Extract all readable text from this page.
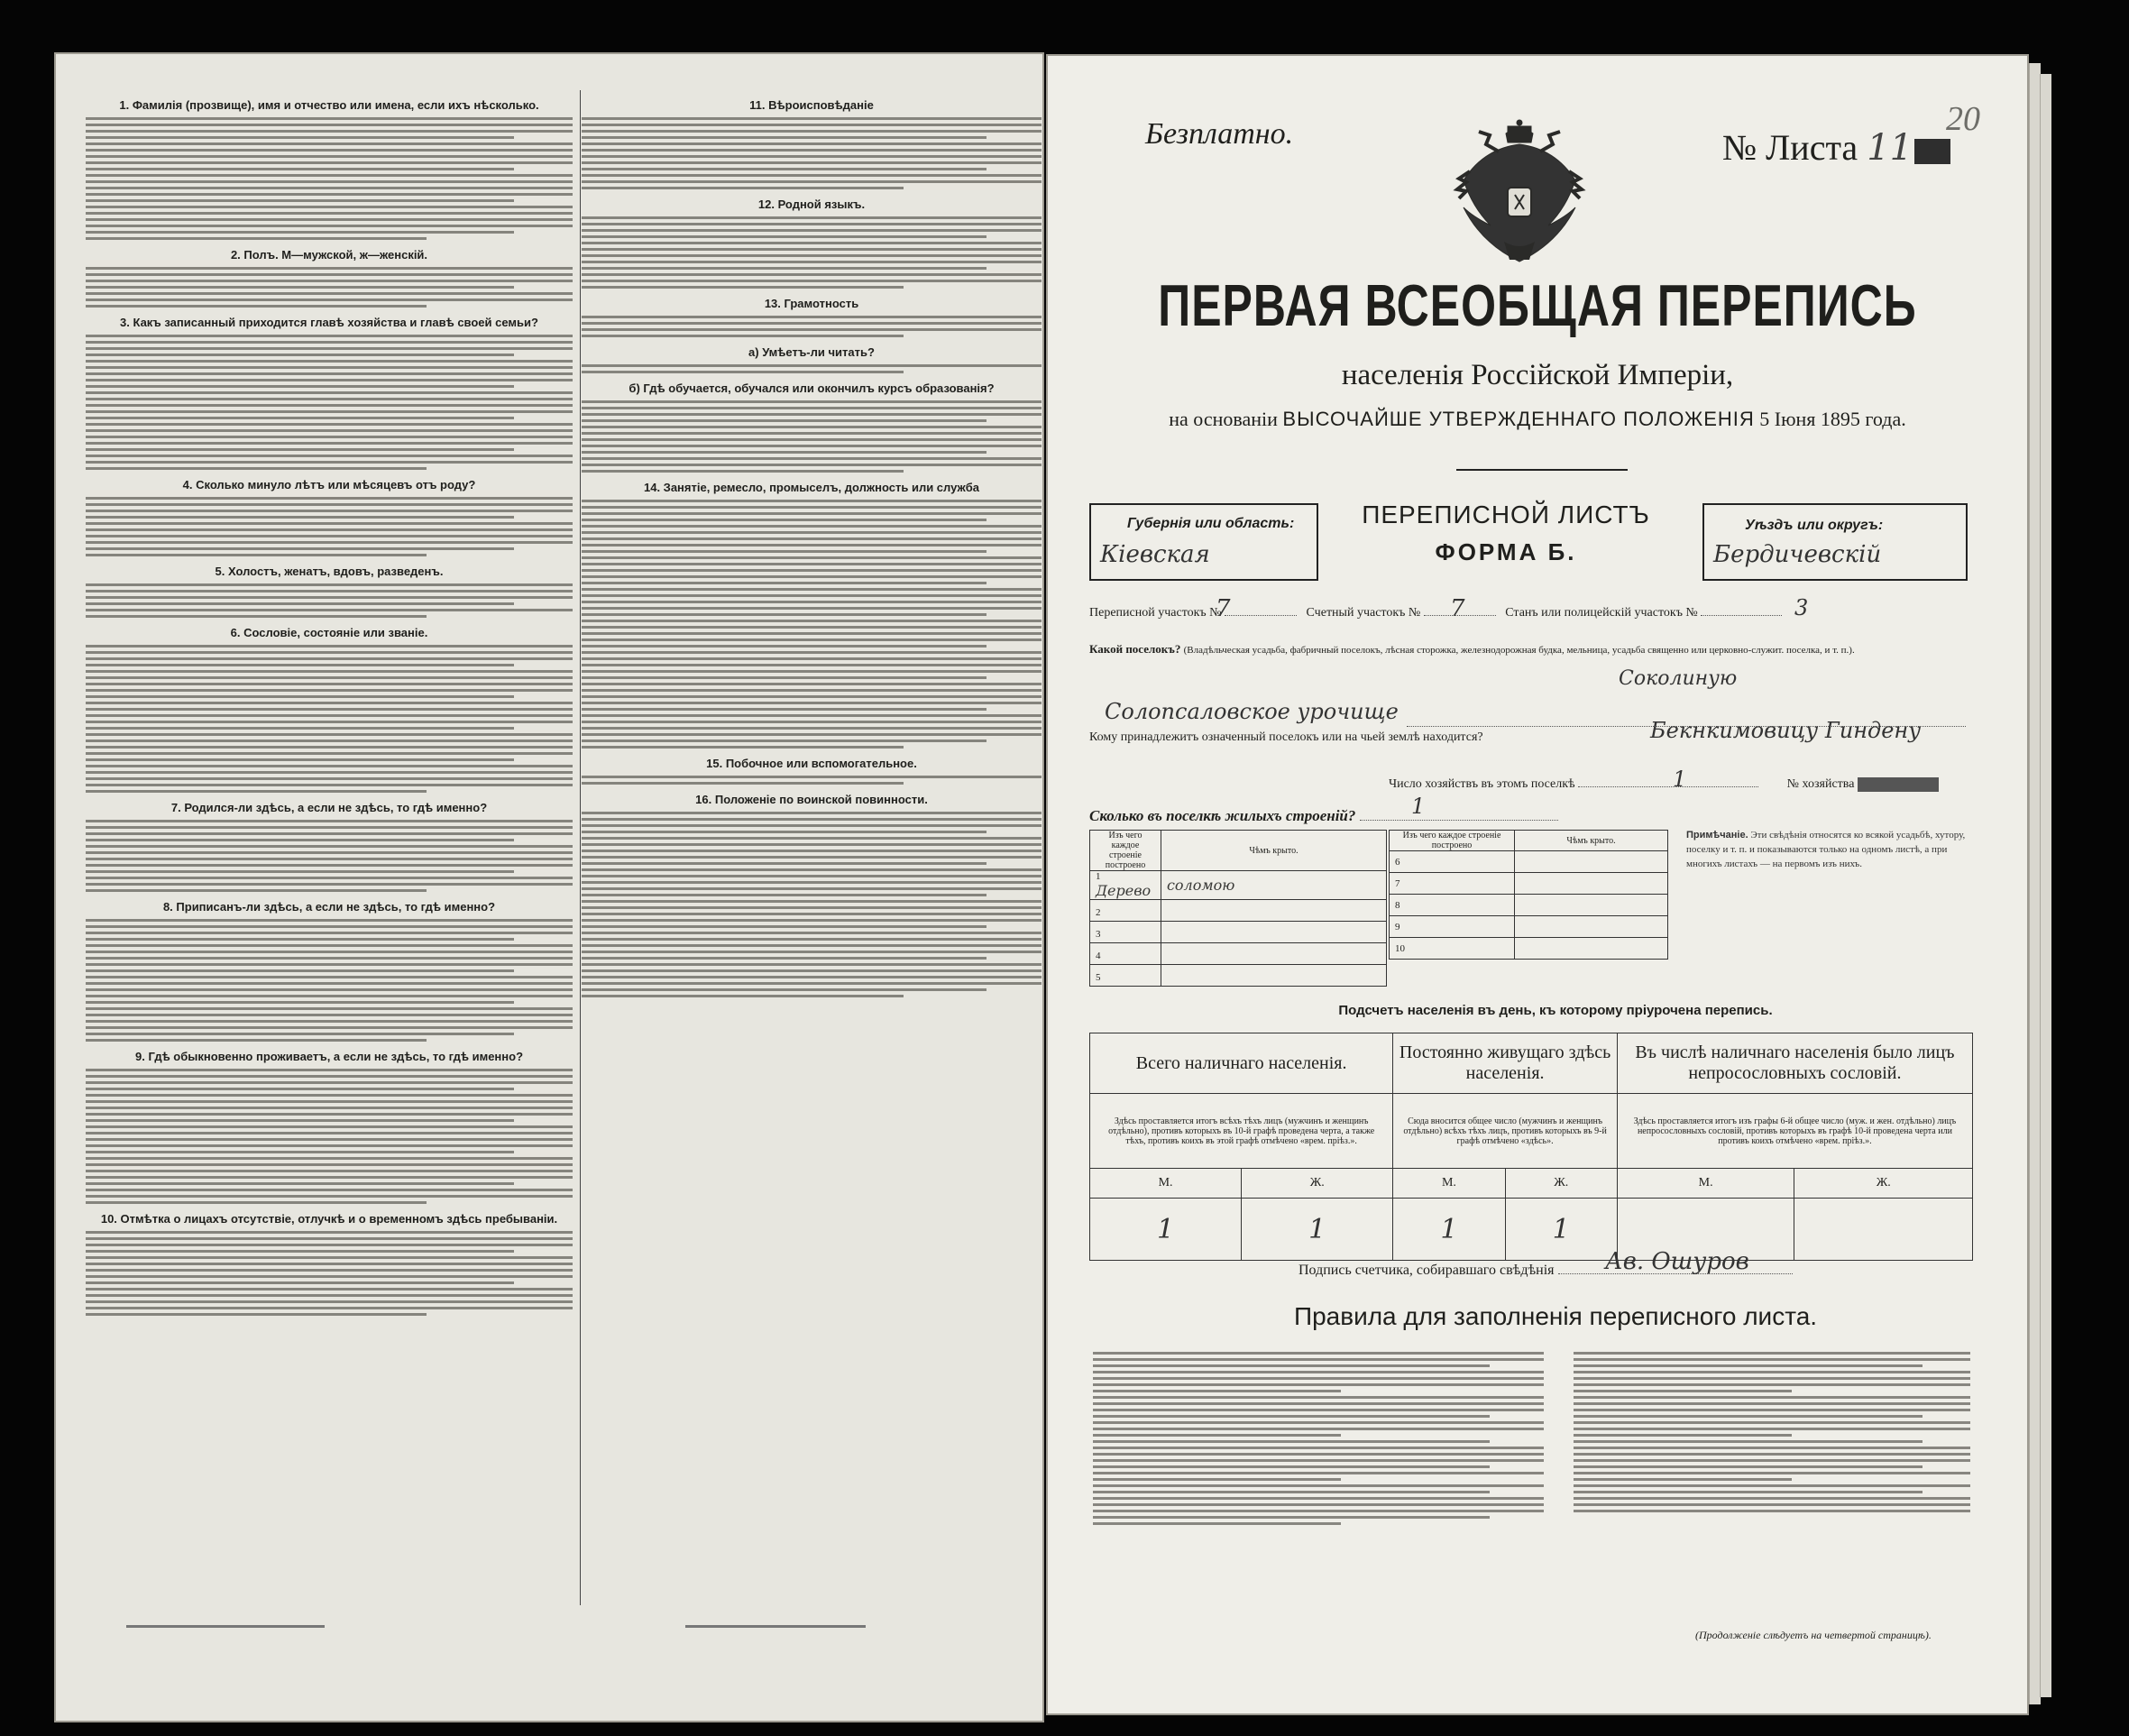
1. Фамилія (прозвище), имя и отчество или имена, если ихъ нѣсколько.
2. Полъ. М—мужской, ж—женскій.
3. Какъ записанный приходится главѣ хозяйства и главѣ своей семьи?
4. Сколько минуло лѣтъ или мѣсяцевъ отъ роду?
5. Холостъ, женатъ, вдовъ, разведенъ.
6. Сословіе, состояніе или званіе.
7. Родился-ли здѣсь, а если не здѣсь, то гдѣ именно?
8. Приписанъ-ли здѣсь, а если не здѣсь, то гдѣ именно?
9. Гдѣ обыкновенно проживаетъ, а если не здѣсь, то гдѣ именно?
10. Отмѣтка о лицахъ отсутствіе, отлучкѣ и о временномъ здѣсь пребываніи.
11. Вѣроисповѣданіе
12. Родной языкъ.
13. Грамотность
а) Умѣетъ-ли читать?
б) Гдѣ обучается, обучался или окончилъ курсъ образованія?
14. Занятіе, ремесло, промыселъ, должность или служба
15. Побочное или вспомогательное.
16. Положеніе по воинской повинности.
Безплатно.	№ Листа 11
20
ПЕРВАЯ ВСЕОБЩАЯ ПЕРЕПИСЬ
населенія Россійской Имперіи,
на основаніи ВЫСОЧАЙШЕ УТВЕРЖДЕННАГО ПОЛОЖЕНІЯ 5 Іюня 1895 года.
Губернія или область:
Кіевская
ПЕРЕПИСНОЙ ЛИСТЪ
ФОРМА Б.
Уѣздъ или округъ:
Бердичевскій
Переписной участокъ №	Счетный участокъ №	Станъ или полицейскій участокъ №
7	7	3
Какой поселокъ? (Владѣльческая усадьба, фабричный поселокъ, лѣсная сторожка, железнодорожная будка, мельница, усадьба священно или церковно-служит. поселка, и т. п.).
Соколиную
Солопсаловское урочище
Кому принадлежитъ означенный поселокъ или на чьей землѣ находится?	Бекнкимовицу Гиндену
Число хозяйствъ въ этомъ поселкѣ	№ хозяйства
1
Сколько въ поселкѣ жилыхъ строеній?	1
Изъ чего каждое строеніе построено	Чѣмъ крыто.
1 Дерево	соломою
2	
3	
4	
5	
Изъ чего каждое строеніе построено	Чѣмъ крыто.
6	
7	
8	
9	
10	
Примѣчаніе. Эти свѣдѣнія относятся ко всякой усадьбѣ, хутору, поселку и т. п. и показываются только на одномъ листѣ, а при многихъ листахъ — на первомъ изъ нихъ.
Подсчетъ населенія въ день, къ которому пріурочена перепись.
Всего наличнаго населенія.		Постоянно живущаго здѣсь населенія.		Въ числѣ наличнаго населенія было лицъ непросословныхъ сословій.	
Здѣсь проставляется итогъ всѣхъ тѣхъ лицъ (мужчинъ и женщинъ отдѣльно), противъ которыхъ въ 10-й графѣ проведена черта, а также тѣхъ, противъ коихъ въ этой графѣ отмѣчено «врем. пріѣз.».		Сюда вносится общее число (мужчинъ и женщинъ отдѣльно) всѣхъ тѣхъ лицъ, противъ которыхъ въ 9-й графѣ отмѣчено «здѣсь».		Здѣсь проставляется итогъ изъ графы 6-й общее число (муж. и жен. отдѣльно) лицъ непросословныхъ сословій, противъ которыхъ въ графѣ 10-й проведена черта или противъ коихъ отмѣчено «врем. пріѣз.».	
М.	Ж.	М.	Ж.	М.	Ж.
1	1	1	1		
Подпись счетчика, собиравшаго свѣдѣнія	Ав. Ошуров
Правила для заполненія переписного листа.
(Продолженіе слѣдуетъ на четвертой страницѣ).
